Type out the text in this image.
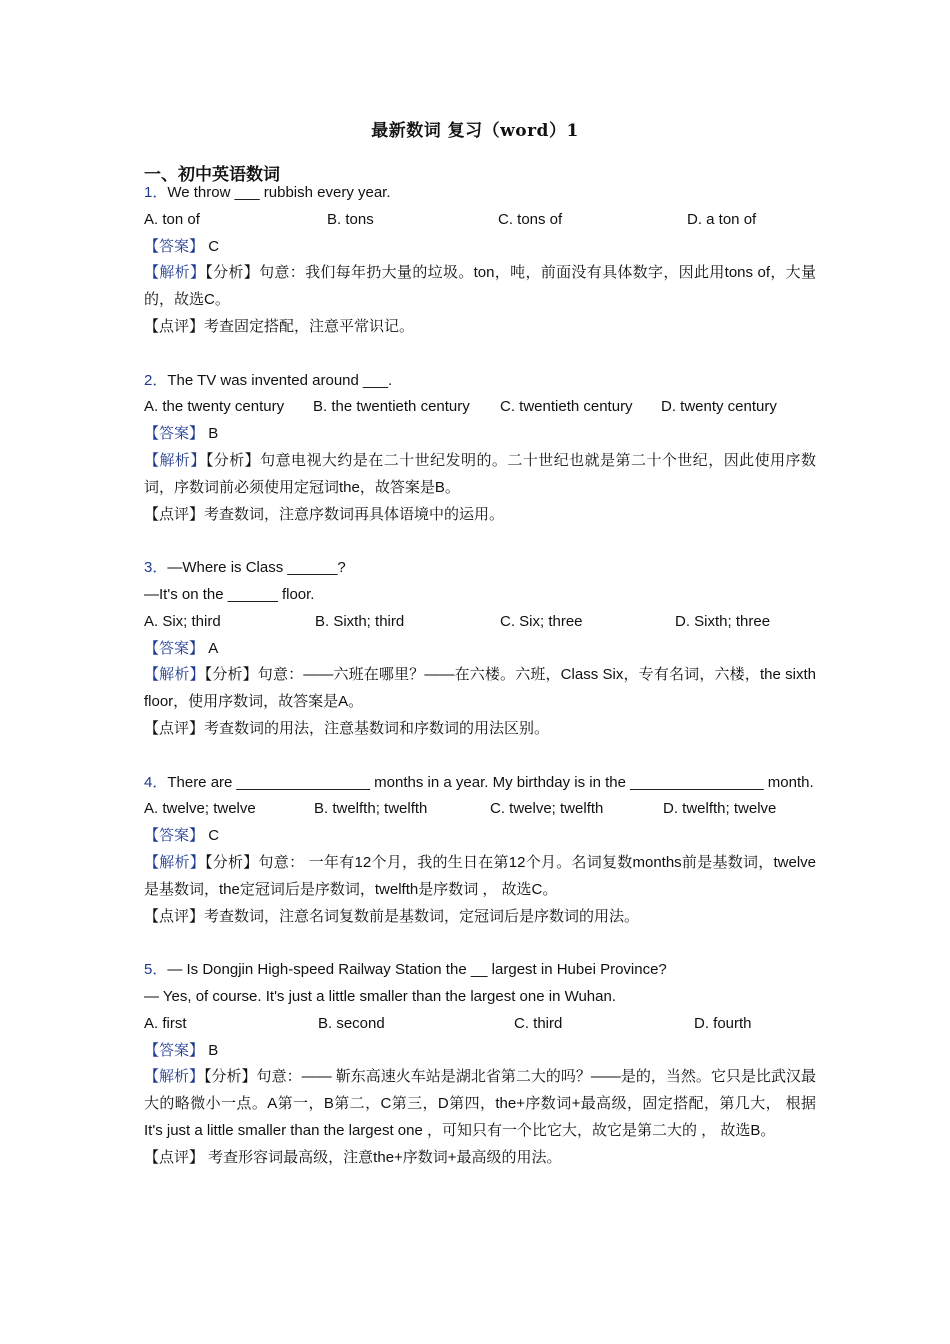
最新数词 复习（word）1
一、初中英语数词
1．We throw ___ rubbish every year.
A. ton of	B. tons	C. tons of	D. a ton of
【答案】 C
【解析】【分析】句意：我们每年扔大量的垃圾。ton，吨，前面没有具体数字，因此用tons of，大量的，故选C。
【点评】考查固定搭配，注意平常识记。
2．The TV was invented around ___.
A. the twenty century B. the twentieth century C. twentieth century D. twenty century
【答案】 B
【解析】【分析】句意电视大约是在二十世纪发明的。二十世纪也就是第二十个世纪，因此使用序数词，序数词前必须使用定冠词the，故答案是B。
【点评】考查数词，注意序数词再具体语境中的运用。
3．—Where is Class ______?
—It's on the ______ floor.
A. Six; third	B. Sixth; third	C. Six; three	D. Sixth; three
【答案】 A
【解析】【分析】句意：——六班在哪里？——在六楼。六班，Class Six，专有名词，六楼，the sixth floor，使用序数词，故答案是A。
【点评】考查数词的用法，注意基数词和序数词的用法区别。
4．There are ________________ months in a year. My birthday is in the ________________ month.
A. twelve; twelve	B. twelfth; twelfth	C. twelve; twelfth	D. twelfth; twelve
【答案】 C
【解析】【分析】句意： 一年有12个月，我的生日在第12个月。名词复数months前是基数词，twelve是基数词，the定冠词后是序数词，twelfth是序数词 ， 故选C。
【点评】考查数词，注意名词复数前是基数词，定冠词后是序数词的用法。
5．— Is Dongjin High-speed Railway Station the __ largest in Hubei Province?
— Yes, of course. It's just a little smaller than the largest one in Wuhan.
A. first	B. second	C. third	D. fourth
【答案】 B
【解析】【分析】句意：—— 靳东高速火车站是湖北省第二大的吗？——是的，当然。它只是比武汉最大的略微小一点。A第一，B第二，C第三，D第四，the+序数词+最高级，固定搭配，第几大， 根据 It's just a little smaller than the largest one ，可知只有一个比它大，故它是第二大的 ， 故选B。
【点评】 考查形容词最高级，注意the+序数词+最高级的用法。
